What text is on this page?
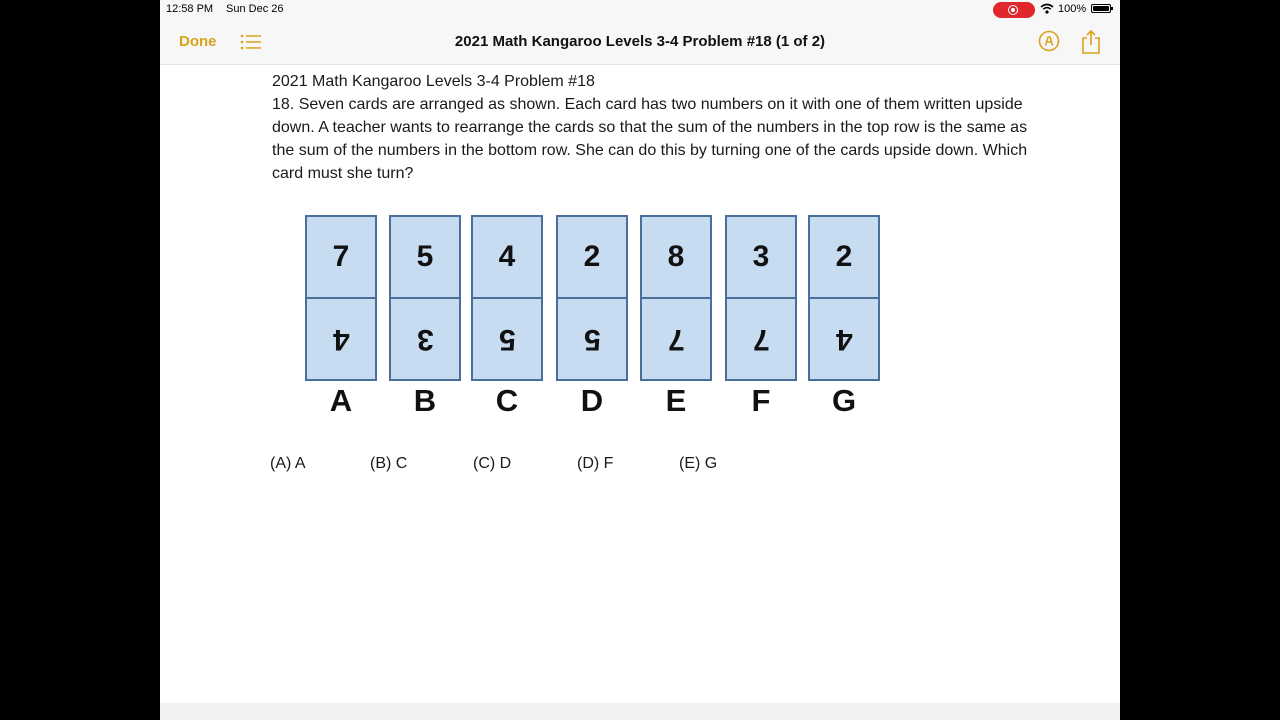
12:58 PM Sun Dec 26	100%
Done	2021 Math Kangaroo Levels 3-4 Problem #18 (1 of 2)

2021 Math Kangaroo Levels 3-4 Problem #18

18. Seven cards are arranged as shown. Each card has two numbers on it with one of them written upside down. A teacher wants to rearrange the cards so that the sum of the numbers in the top row is the same as the sum of the numbers in the bottom row. She can do this by turning one of the cards upside down. Which card must she turn?

7
4
A
5
3
B
4
5
C
2
5
D
8
7
E
3
7
F
2
4
G
(A) A	(B) C	(C) D	(D) F	(E) G
